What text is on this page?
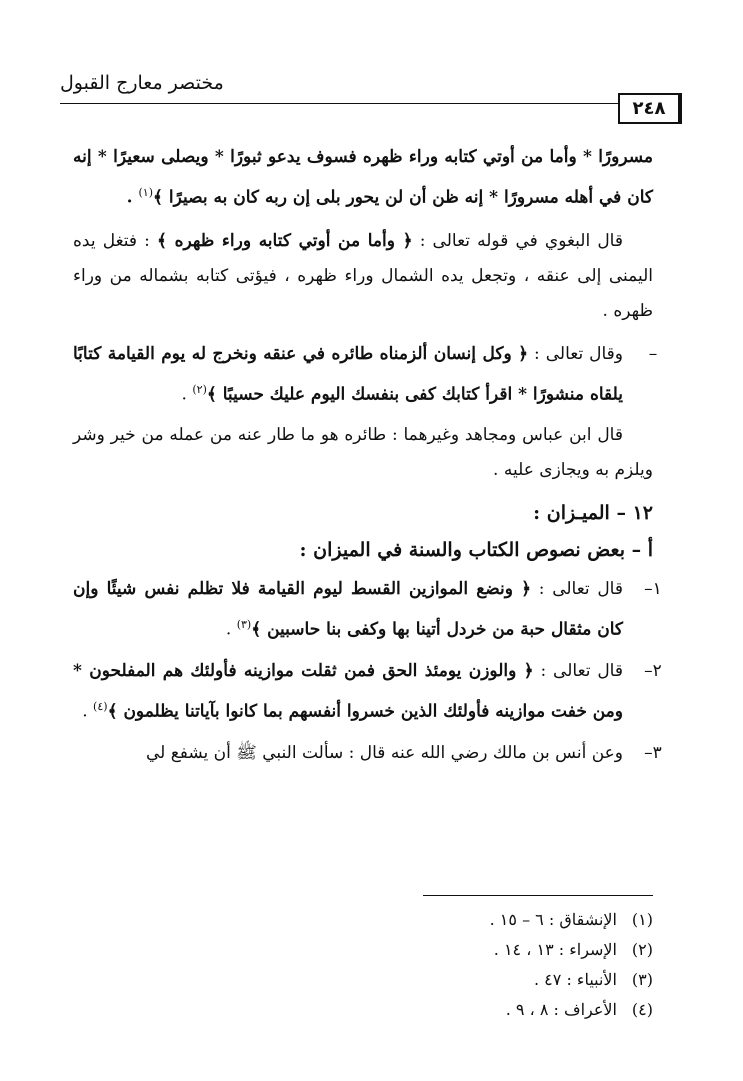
مختصر معارج القبول
٢٤٨

مسرورًا * وأما من أوتي كتابه وراء ظهره فسوف يدعو ثبورًا * ويصلى سعيرًا * إنه كان في أهله مسرورًا * إنه ظن أن لن يحور بلى إن ربه كان به بصيرًا ﴾$^{(١)}$ .

قال البغوي في قوله تعالى : ﴿ وأما من أوتي كتابه وراء ظهره ﴾ : فتغل يده اليمنى إلى عنقه ، وتجعل يده الشمال وراء ظهره ، فيؤتى كتابه بشماله من وراء ظهره .

–
وقال تعالى : ﴿ وكل إنسان ألزمناه طائره في عنقه ونخرج له يوم القيامة كتابًا يلقاه منشورًا * اقرأ كتابك كفى بنفسك اليوم عليك حسيبًا ﴾$^{(٢)}$ .

قال ابن عباس ومجاهد وغيرهما : طائره هو ما طار عنه من عمله من خير وشر ويلزم به ويجازى عليه .

١٢ – الميـزان :

أ – بعض نصوص الكتاب والسنة في الميزان :

١–
قال تعالى : ﴿ ونضع الموازين القسط ليوم القيامة فلا تظلم نفس شيئًا وإن كان مثقال حبة من خردل أتينا بها وكفى بنا حاسبين ﴾$^{(٣)}$ .

٢–
قال تعالى : ﴿ والوزن يومئذ الحق فمن ثقلت موازينه فأولئك هم المفلحون * ومن خفت موازينه فأولئك الذين خسروا أنفسهم بما كانوا بآياتنا يظلمون ﴾$^{(٤)}$ .

٣–
وعن أنس بن مالك رضي الله عنه قال : سألت النبي ﷺ أن يشفع لي

(١)
الإنشقاق : ٦ – ١٥ .
(٢)
الإسراء : ١٣ ، ١٤ .
(٣)
الأنبياء : ٤٧ .
(٤)
الأعراف : ٨ ، ٩ .
